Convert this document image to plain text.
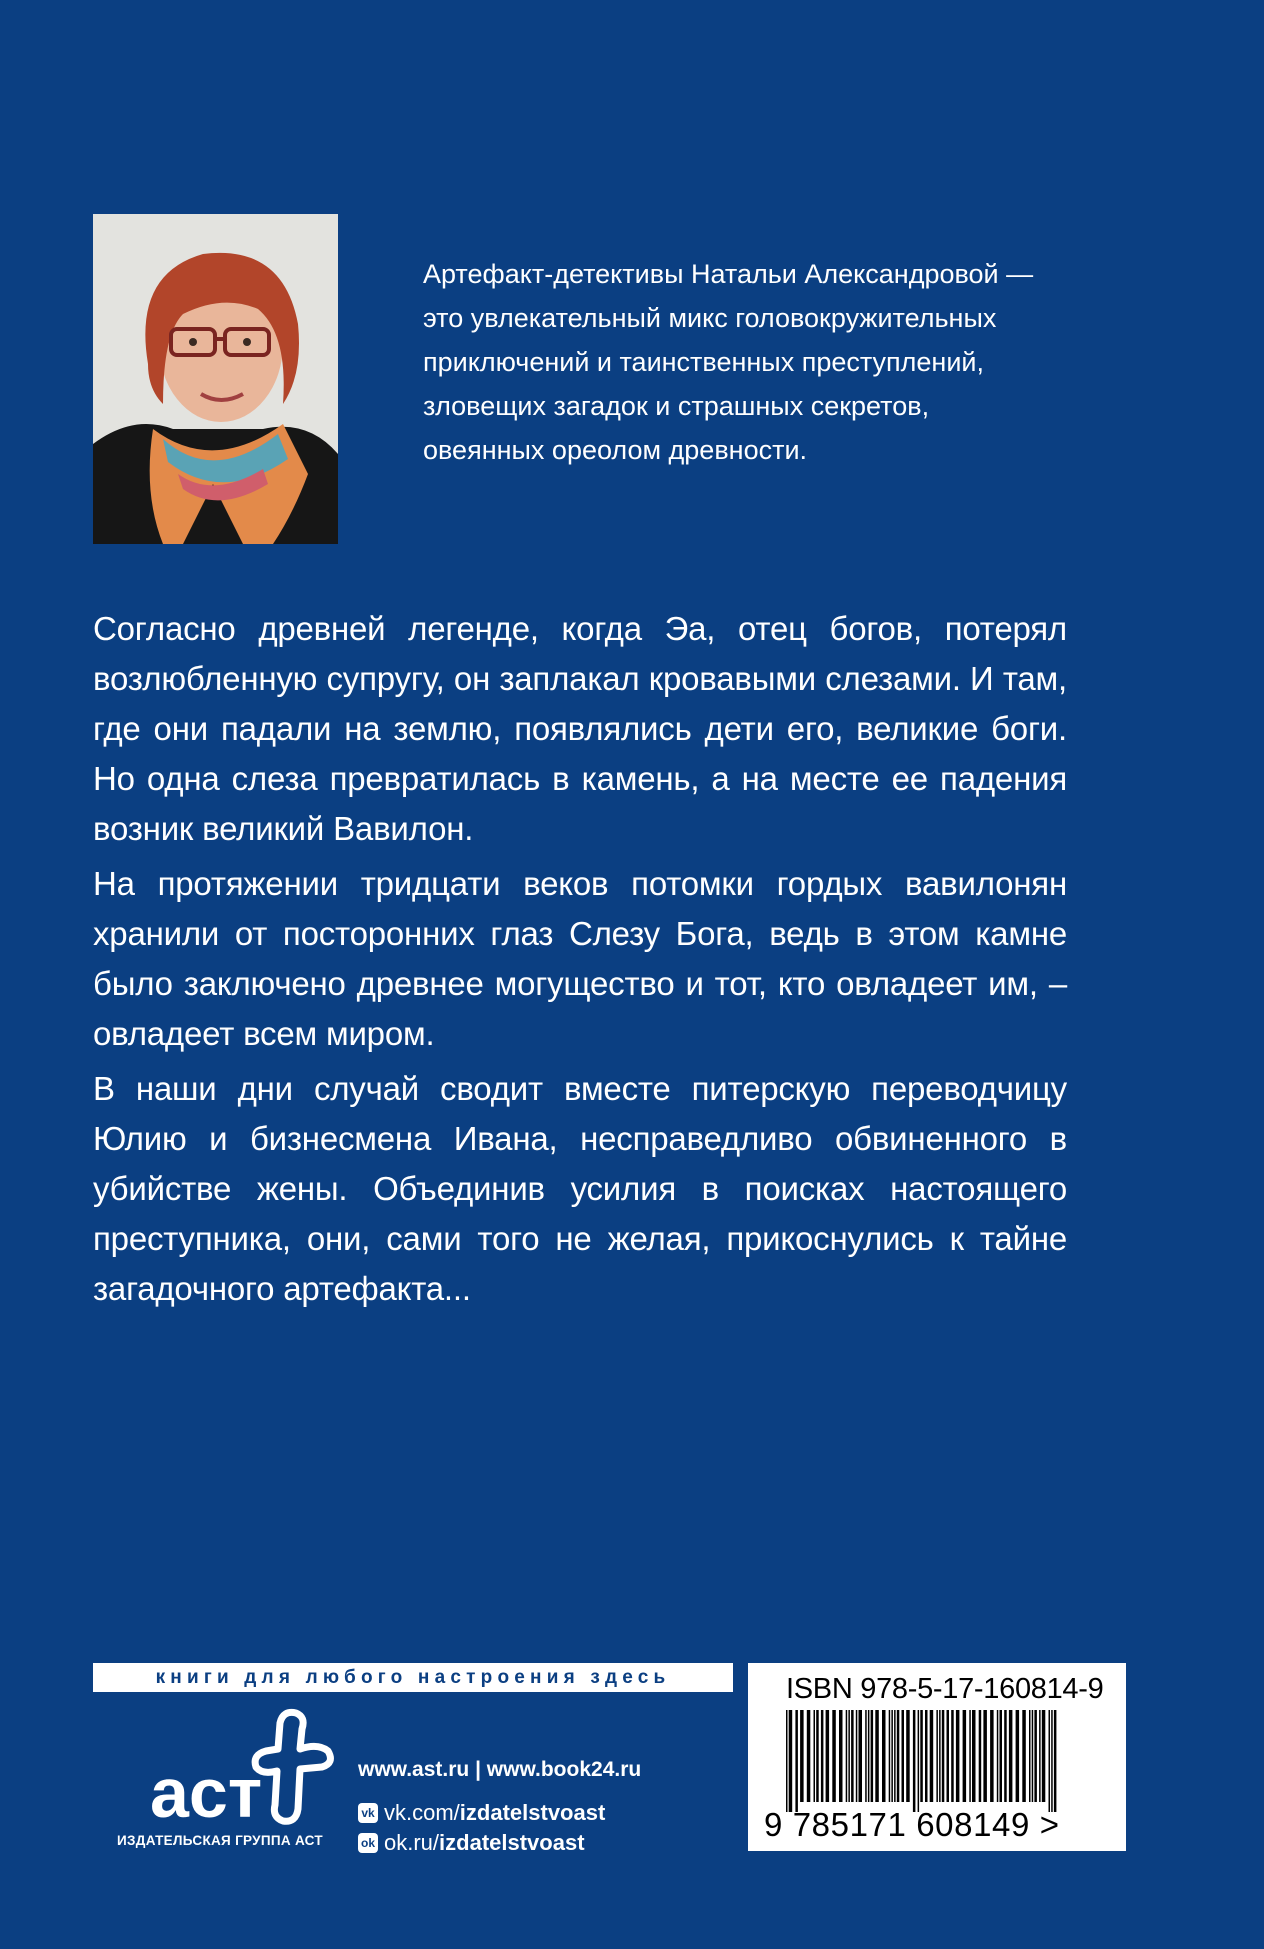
Артефакт-детективы Натальи Александровой —

это увлекательный микс головокружительных

приключений и таинственных преступлений,

зловещих загадок и страшных секретов,

овеянных ореолом древности.

Согласно древней легенде, когда Эа, отец богов, потерял возлюбленную супругу, он заплакал кровавыми слезами. И там, где они падали на землю, появлялись дети его, великие боги. Но одна слеза превратилась в камень, а на месте ее падения возник великий Вавилон.

На протяжении тридцати веков потомки гордых вавилонян хранили от посторонних глаз Слезу Бога, ведь в этом камне было заключено древнее могущество и тот, кто овладеет им, – овладеет всем миром.

В наши дни случай сводит вместе питерскую переводчицу Юлию и бизнесмена Ивана, несправедливо обвиненного в убийстве жены. Объединив усилия в поисках настоящего преступника, они, сами того не желая, прикоснулись к тайне загадочного артефакта...

книги для любого настроения здесь
аст
ИЗДАТЕЛЬСКАЯ ГРУППА АСТ
www.ast.ru | www.book24.ru
vk vk.com/ izdatelstvoast
ok ok.ru/ izdatelstvoast
ISBN 978-5-17-160814-9
9 785171 608149 >
